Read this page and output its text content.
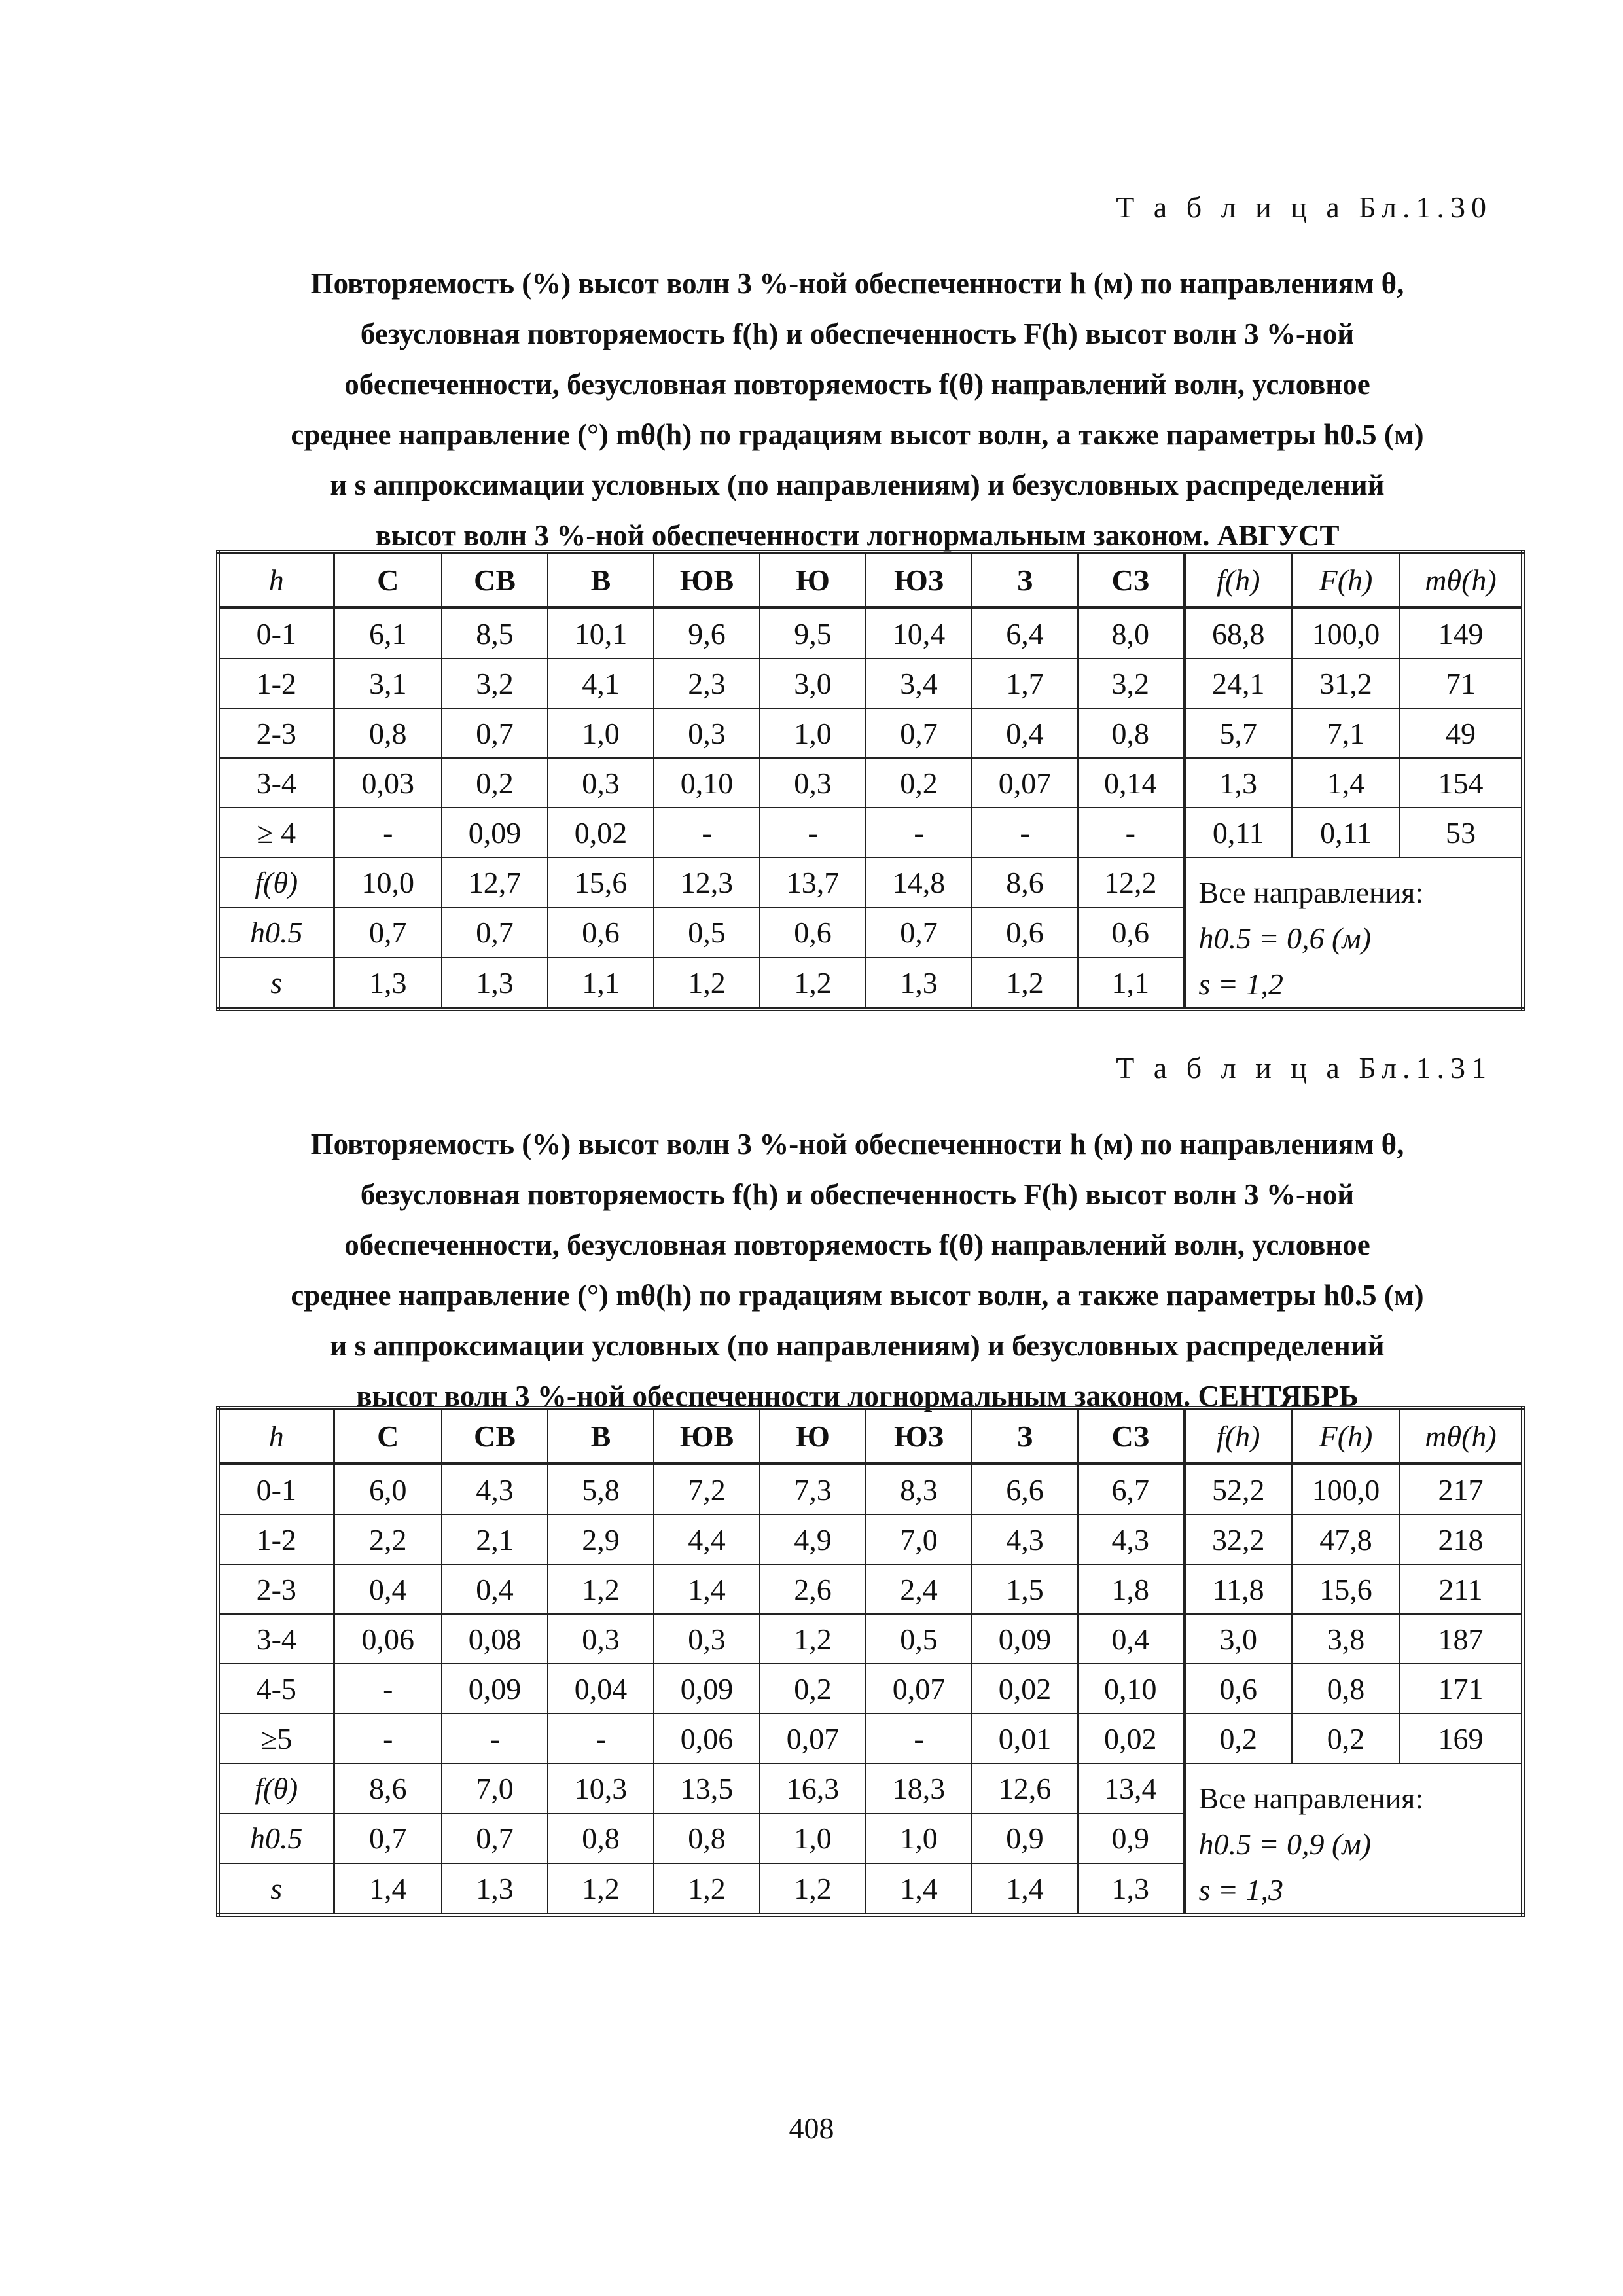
Т а б л и ц а Бл.1.30
Повторяемость (%) высот волн 3 %-ной обеспеченности h (м) по направлениям θ,
безусловная повторяемость f(h) и обеспеченность F(h) высот волн 3 %-ной
обеспеченности, безусловная повторяемость f(θ) направлений волн, условное
среднее направление (°) mθ(h) по градациям высот волн, а также параметры h0.5 (м)
и s аппроксимации условных (по направлениям) и безусловных распределений
высот волн 3 %-ной обеспеченности логнормальным законом. АВГУСТ
h	С	СВ	В	ЮВ	Ю	ЮЗ	З	СЗ	f(h)	F(h)	mθ(h)
0-1	6,1	8,5	10,1	9,6	9,5	10,4	6,4	8,0	68,8	100,0	149
1-2	3,1	3,2	4,1	2,3	3,0	3,4	1,7	3,2	24,1	31,2	71
2-3	0,8	0,7	1,0	0,3	1,0	0,7	0,4	0,8	5,7	7,1	49
3-4	0,03	0,2	0,3	0,10	0,3	0,2	0,07	0,14	1,3	1,4	154
≥ 4	-	0,09	0,02	-	-	-	-	-	0,11	0,11	53
f(θ)	10,0	12,7	15,6	12,3	13,7	14,8	8,6	12,2	Все направления:
h0.5 = 0,6 (м)
s = 1,2		

h0.5	0,7	0,7	0,6	0,5	0,6	0,7	0,6	0,6			
s	1,3	1,3	1,1	1,2	1,2	1,3	1,2	1,1			
Т а б л и ц а Бл.1.31
Повторяемость (%) высот волн 3 %-ной обеспеченности h (м) по направлениям θ,
безусловная повторяемость f(h) и обеспеченность F(h) высот волн 3 %-ной
обеспеченности, безусловная повторяемость f(θ) направлений волн, условное
среднее направление (°) mθ(h) по градациям высот волн, а также параметры h0.5 (м)
и s аппроксимации условных (по направлениям) и безусловных распределений
высот волн 3 %-ной обеспеченности логнормальным законом. СЕНТЯБРЬ
h	С	СВ	В	ЮВ	Ю	ЮЗ	З	СЗ	f(h)	F(h)	mθ(h)
0-1	6,0	4,3	5,8	7,2	7,3	8,3	6,6	6,7	52,2	100,0	217
1-2	2,2	2,1	2,9	4,4	4,9	7,0	4,3	4,3	32,2	47,8	218
2-3	0,4	0,4	1,2	1,4	2,6	2,4	1,5	1,8	11,8	15,6	211
3-4	0,06	0,08	0,3	0,3	1,2	0,5	0,09	0,4	3,0	3,8	187
4-5	-	0,09	0,04	0,09	0,2	0,07	0,02	0,10	0,6	0,8	171
≥5	-	-	-	0,06	0,07	-	0,01	0,02	0,2	0,2	169
f(θ)	8,6	7,0	10,3	13,5	16,3	18,3	12,6	13,4	Все направления:
h0.5 = 0,9 (м)
s = 1,3		

h0.5	0,7	0,7	0,8	0,8	1,0	1,0	0,9	0,9			
s	1,4	1,3	1,2	1,2	1,2	1,4	1,4	1,3			
408
